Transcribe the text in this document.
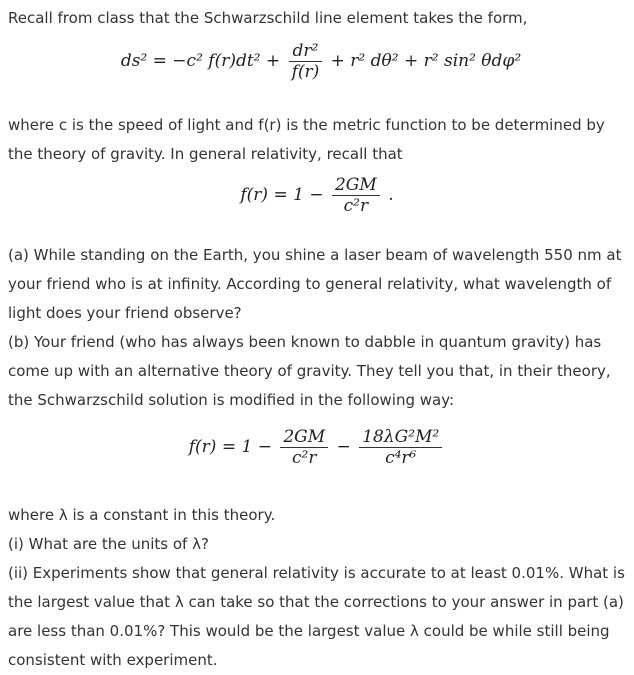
Recall from class that the Schwarzschild line element takes the form,

ds² = −c² $f(r)dt^2 + \frac{\text{dr²}}{f(r)} + r^2$ dθ² + r² sin² θdφ²

where c is the speed of light and f(r) is the metric function to be determined by the theory of gravity. In general relativity, recall that

$f(r) = 1 - \frac{2GM}{\text{c²r}}$ .

(a) While standing on the Earth, you shine a laser beam of wavelength 550 nm at your friend who is at infinity. According to general relativity, what wavelength of light does your friend observe?

(b) Your friend (who has always been known to dabble in quantum gravity) has come up with an alternative theory of gravity. They tell you that, in their theory, the Schwarzschild solution is modified in the following way:

$f(r) = 1 - \frac{2GM}{\text{c²r}} - \frac{\text{18λG²M²}}{\text{c⁴r⁶}}$

where λ is a constant in this theory.

(i) What are the units of λ?

(ii) Experiments show that general relativity is accurate to at least 0.01%. What is the largest value that λ can take so that the corrections to your answer in part (a) are less than 0.01%? This would be the largest value λ could be while still being consistent with experiment.
